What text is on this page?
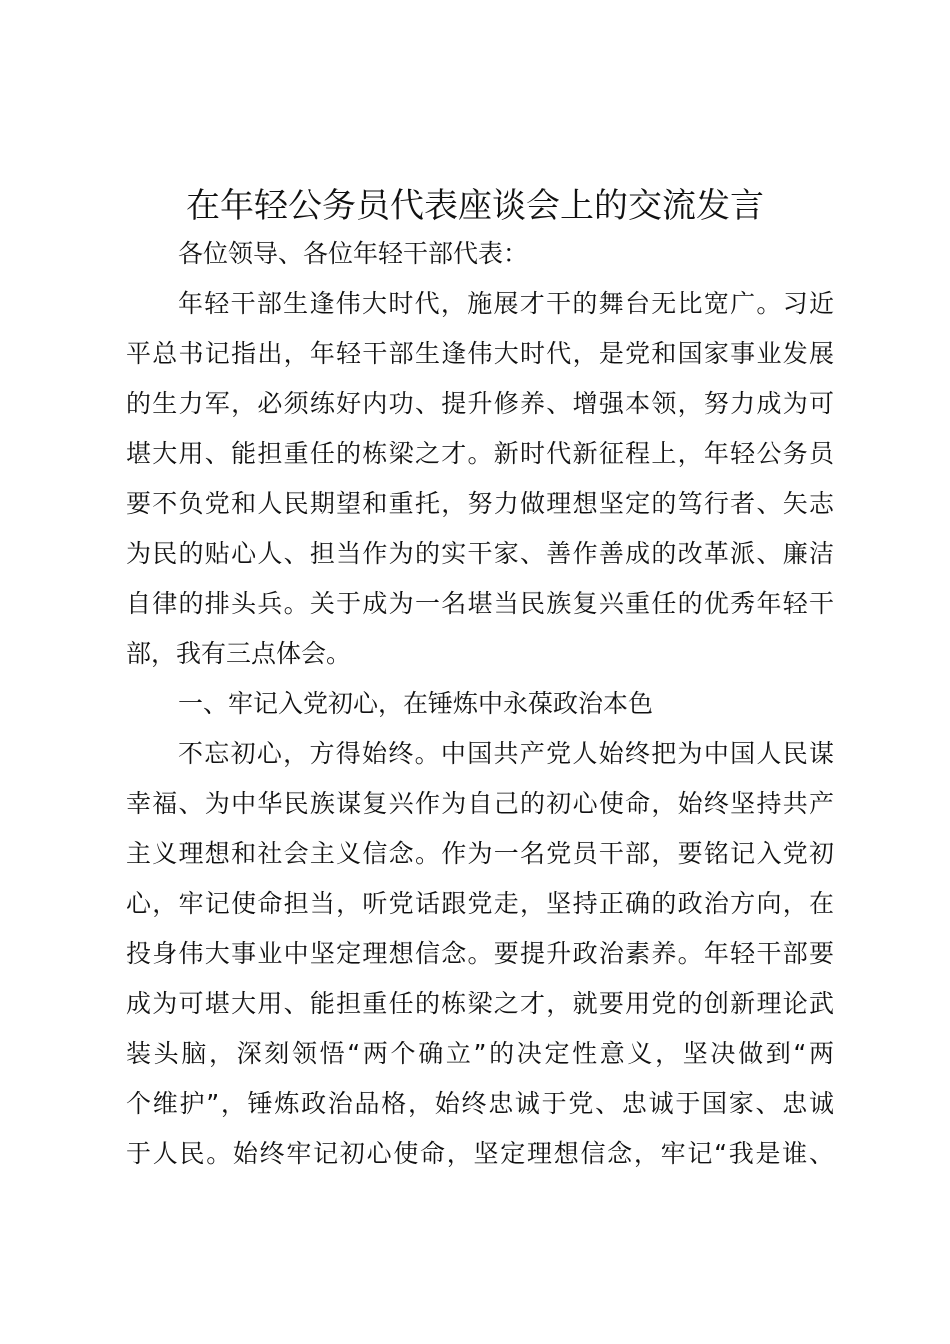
在年轻公务员代表座谈会上的交流发言
各位领导、各位年轻干部代表：
年轻干部生逢伟大时代，施展才干的舞台无比宽广。习近
平总书记指出，年轻干部生逢伟大时代，是党和国家事业发展
的生力军，必须练好内功、提升修养、增强本领，努力成为可
堪大用、能担重任的栋梁之才。新时代新征程上，年轻公务员
要不负党和人民期望和重托，努力做理想坚定的笃行者、矢志
为民的贴心人、担当作为的实干家、善作善成的改革派、廉洁
自律的排头兵。关于成为一名堪当民族复兴重任的优秀年轻干
部，我有三点体会。
一、牢记入党初心，在锤炼中永葆政治本色
不忘初心，方得始终。中国共产党人始终把为中国人民谋
幸福、为中华民族谋复兴作为自己的初心使命，始终坚持共产
主义理想和社会主义信念。作为一名党员干部，要铭记入党初
心，牢记使命担当，听党话跟党走，坚持正确的政治方向，在
投身伟大事业中坚定理想信念。要提升政治素养。年轻干部要
成为可堪大用、能担重任的栋梁之才，就要用党的创新理论武
装头脑，深刻领悟“两个确立”的决定性意义，坚决做到“两
个维护”，锤炼政治品格，始终忠诚于党、忠诚于国家、忠诚
于人民。始终牢记初心使命，坚定理想信念，牢记“我是谁、
